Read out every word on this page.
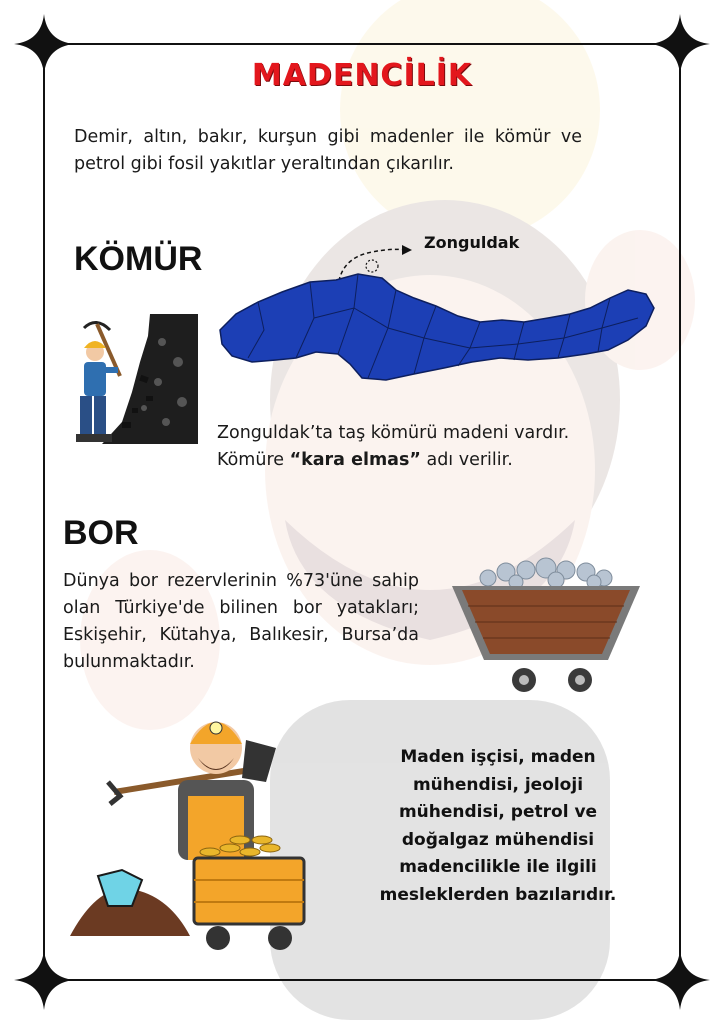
MADENCİLİK

Demir, altın, bakır, kurşun gibi madenler ile kömür ve petrol gibi fosil yakıtlar yeraltından çıkarılır.

KÖMÜR	Zonguldak

Zonguldak’ta taş kömürü madeni vardır.
Kömüre “kara elmas” adı verilir.

BOR

Dünya bor rezervlerinin %73'üne sahip olan Türkiye'de bilinen bor yatakları; Eskişehir, Kütahya, Balıkesir, Bursa’da bulunmaktadır.

Maden işçisi, maden
mühendisi, jeoloji
mühendisi, petrol ve
doğalgaz mühendisi
madencilikle ile ilgili
mesleklerden bazılarıdır.
